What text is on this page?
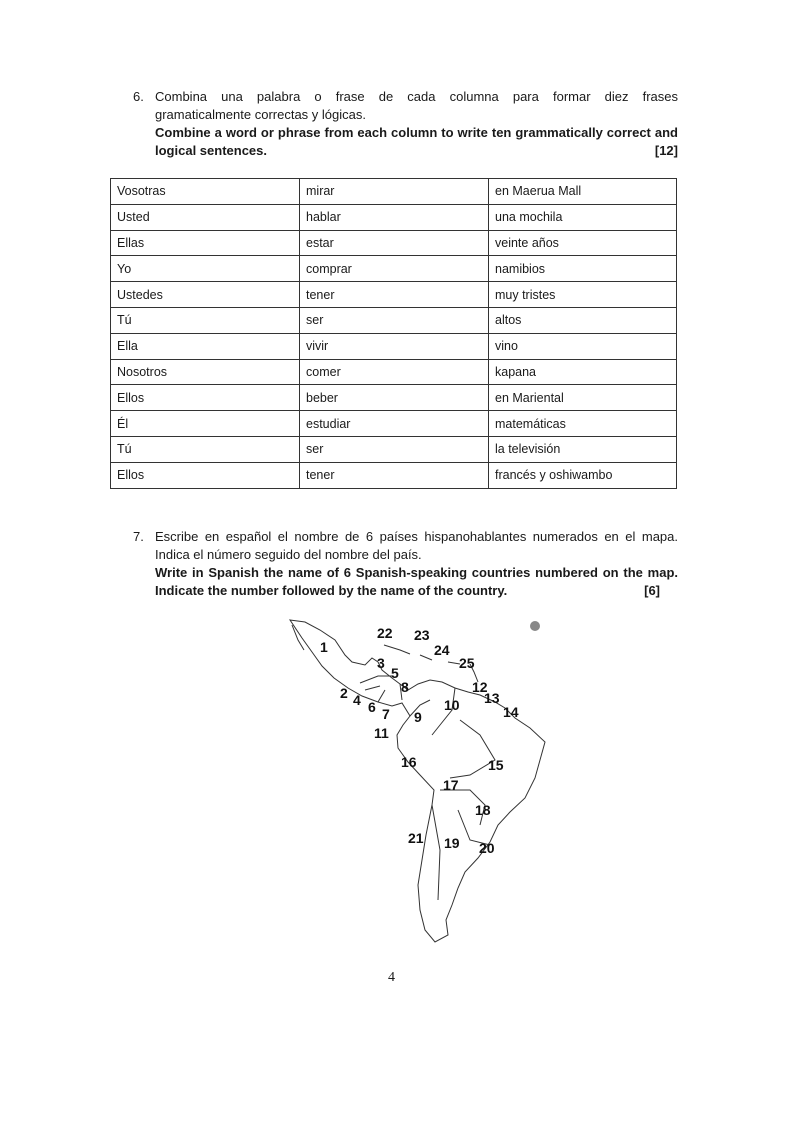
6. Combina una palabra o frase de cada columna para formar diez frases
gramaticalmente correctas y lógicas.
Combine a word or phrase from each column to write ten grammatically correct and
logical sentences.	[12]
Vosotras	mirar	en Maerua Mall
Usted	hablar	una mochila
Ellas	estar	veinte años
Yo	comprar	namibios
Ustedes	tener	muy tristes
Tú	ser	altos
Ella	vivir	vino
Nosotros	comer	kapana
Ellos	beber	en Mariental
Él	estudiar	matemáticas
Tú	ser	la televisión
Ellos	tener	francés y oshiwambo
7. Escribe en español el nombre de 6 países hispanohablantes numerados en el mapa.
Indica el número seguido del nombre del país.
Write in Spanish the name of 6 Spanish-speaking countries numbered on the map.
Indicate the number followed by the name of the country.	[6]
1
2
3
4
5
6 7
8
9
10
11
12
13
14
15
16
17
18
19 20
21
22 23
24
25
4
